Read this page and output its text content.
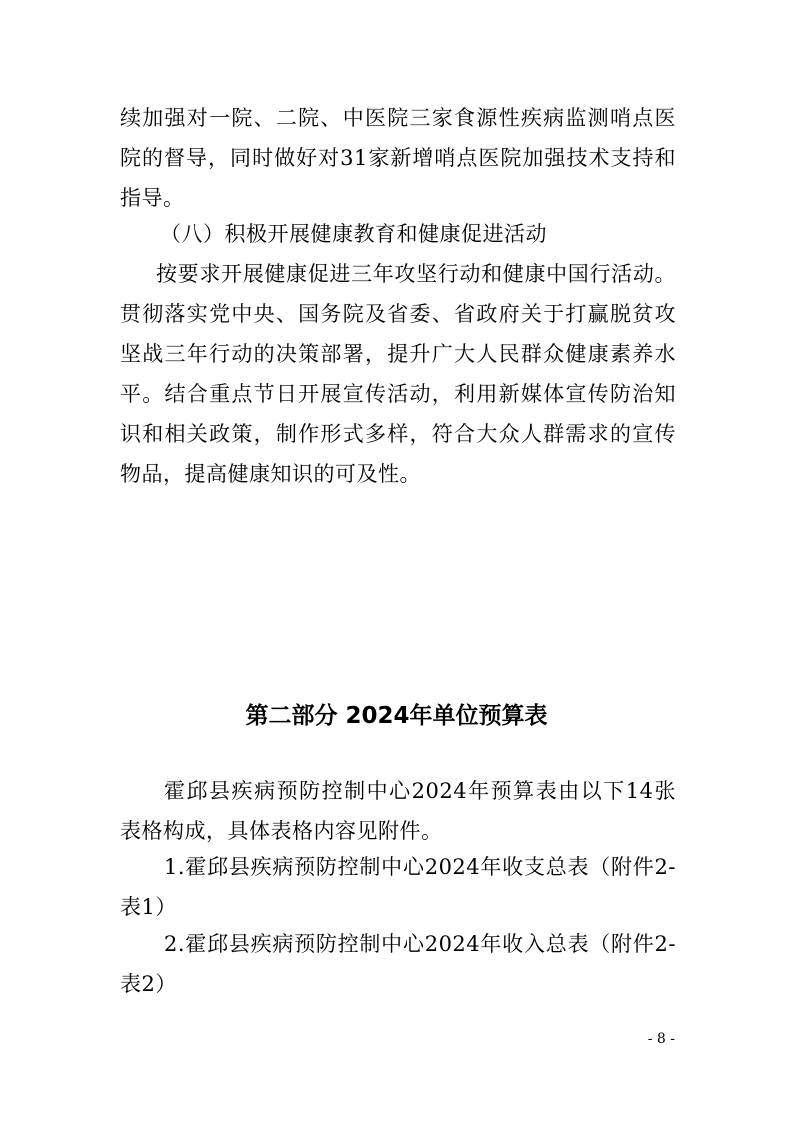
续加强对一院、二院、中医院三家食源性疾病监测哨点医院的督导，同时做好对31家新增哨点医院加强技术支持和指导。
（八）积极开展健康教育和健康促进活动
按要求开展健康促进三年攻坚行动和健康中国行活动。贯彻落实党中央、国务院及省委、省政府关于打赢脱贫攻坚战三年行动的决策部署，提升广大人民群众健康素养水平。结合重点节日开展宣传活动，利用新媒体宣传防治知识和相关政策，制作形式多样，符合大众人群需求的宣传物品，提高健康知识的可及性。
第二部分 2024年单位预算表
霍邱县疾病预防控制中心2024年预算表由以下14张表格构成，具体表格内容见附件。
1.霍邱县疾病预防控制中心2024年收支总表（附件2-表1）
2.霍邱县疾病预防控制中心2024年收入总表（附件2-表2）
- 8 -
